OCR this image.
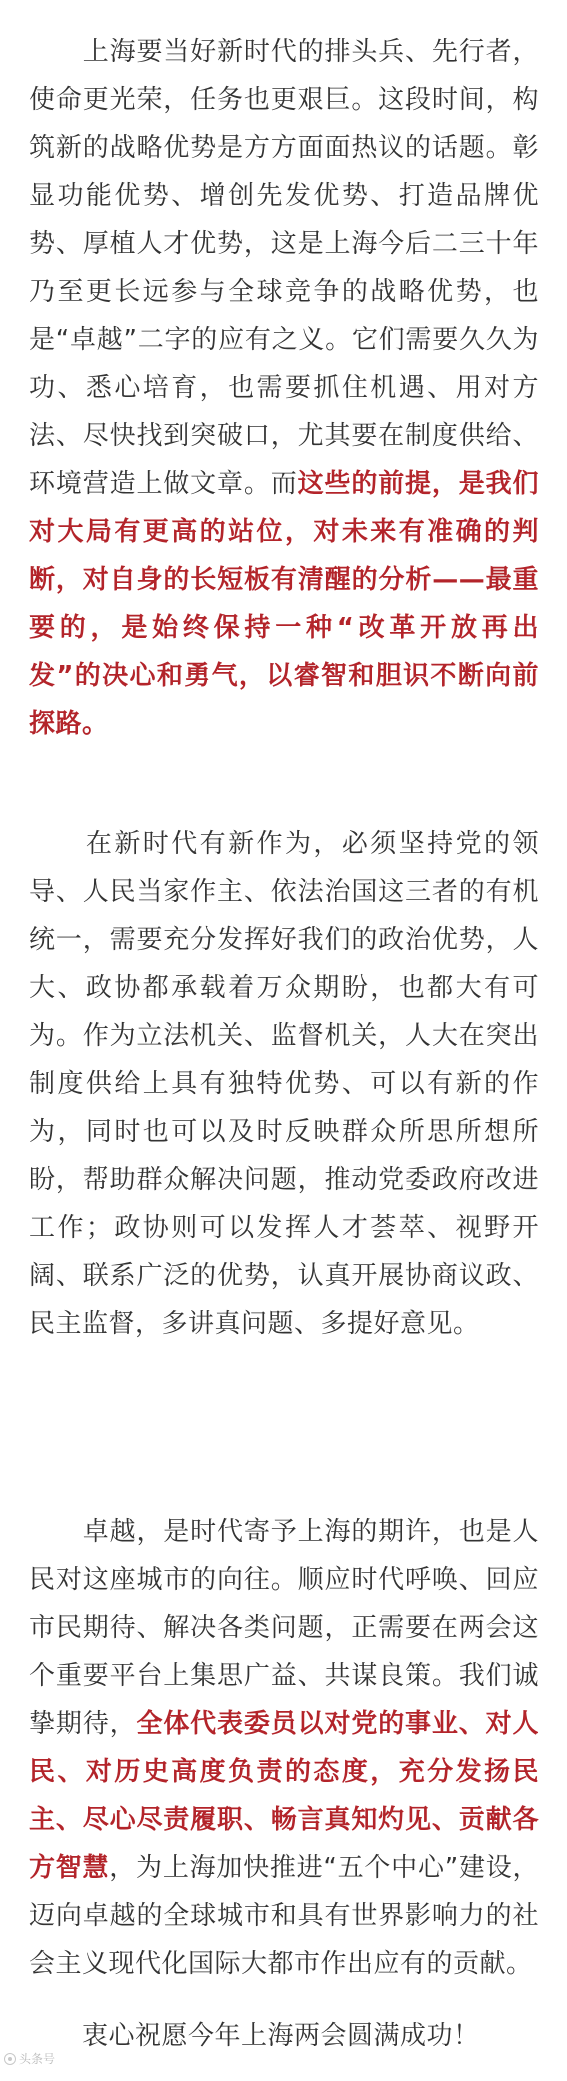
　　上海要当好新时代的排头兵、先行者，使命更光荣，任务也更艰巨。这段时间，构筑新的战略优势是方方面面热议的话题。彰显功能优势、增创先发优势、打造品牌优势、厚植人才优势，这是上海今后二三十年乃至更长远参与全球竞争的战略优势，也是“卓越”二字的应有之义。它们需要久久为功、悉心培育，也需要抓住机遇、用对方法、尽快找到突破口，尤其要在制度供给、环境营造上做文章。而这些的前提，是我们对大局有更高的站位，对未来有准确的判断，对自身的长短板有清醒的分析——最重要的，是始终保持一种“改革开放再出发”的决心和勇气，以睿智和胆识不断向前探路。

　　在新时代有新作为，必须坚持党的领导、人民当家作主、依法治国这三者的有机统一，需要充分发挥好我们的政治优势，人大、政协都承载着万众期盼，也都大有可为。作为立法机关、监督机关，人大在突出制度供给上具有独特优势、可以有新的作为，同时也可以及时反映群众所思所想所盼，帮助群众解决问题，推动党委政府改进工作；政协则可以发挥人才荟萃、视野开阔、联系广泛的优势，认真开展协商议政、民主监督，多讲真问题、多提好意见。

　　卓越，是时代寄予上海的期许，也是人民对这座城市的向往。顺应时代呼唤、回应市民期待、解决各类问题，正需要在两会这个重要平台上集思广益、共谋良策。我们诚挚期待，全体代表委员以对党的事业、对人民、对历史高度负责的态度，充分发扬民主、尽心尽责履职、畅言真知灼见、贡献各方智慧，为上海加快推进“五个中心”建设，迈向卓越的全球城市和具有世界影响力的社会主义现代化国际大都市作出应有的贡献。

　　衷心祝愿今年上海两会圆满成功！

头条号
